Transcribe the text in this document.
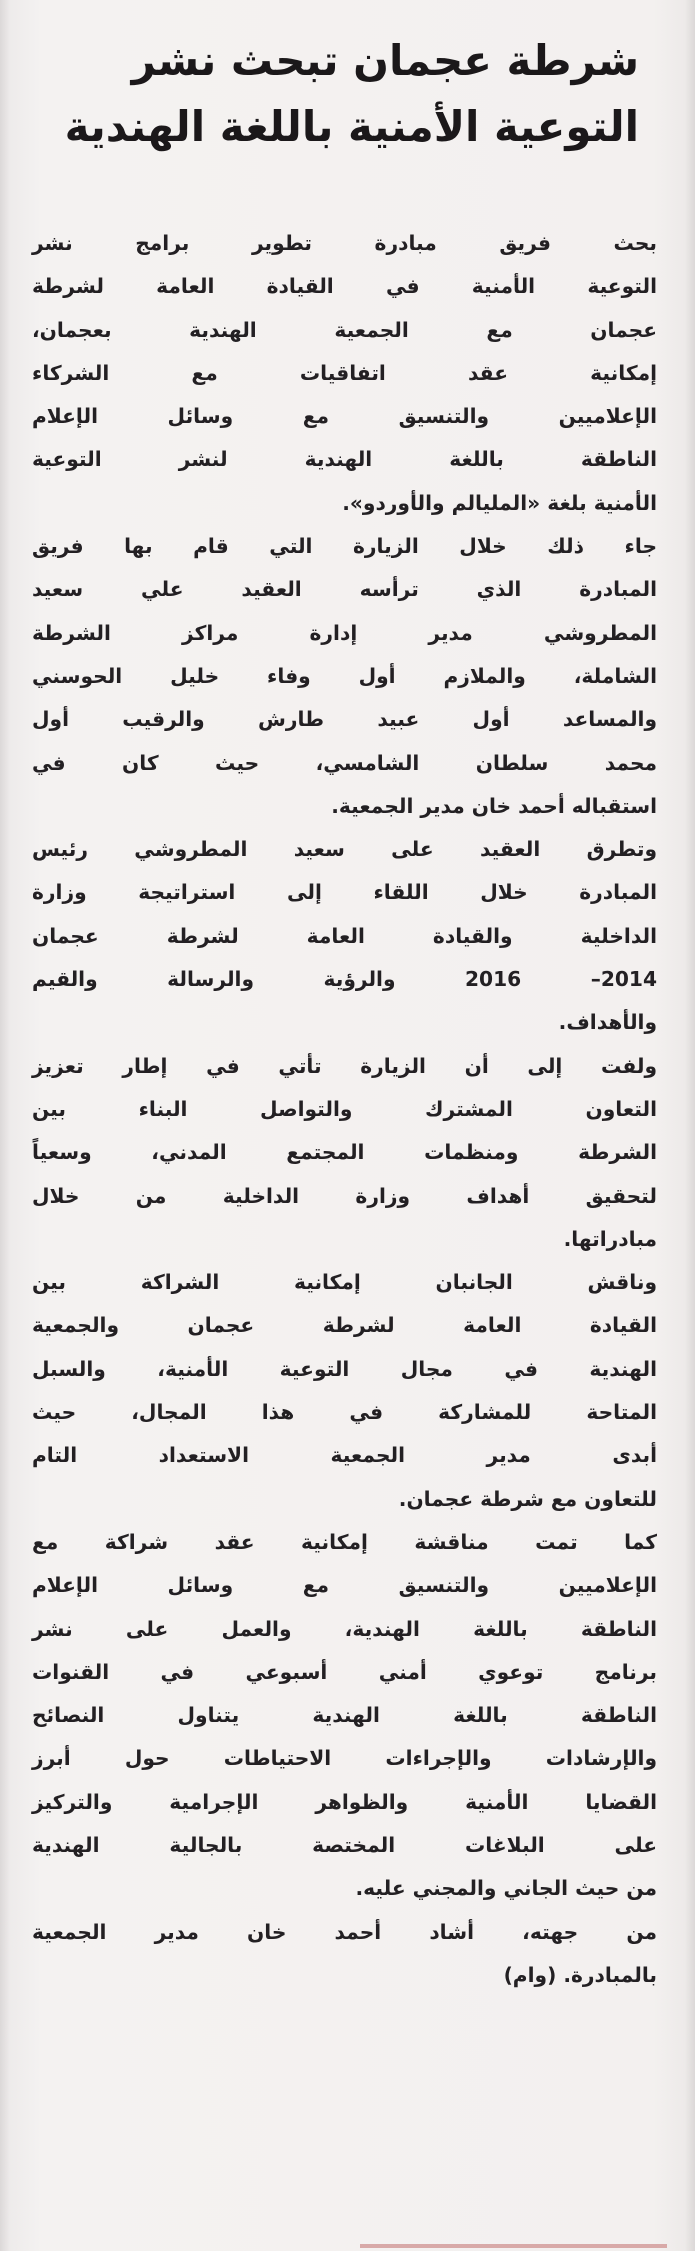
شرطة عجمان تبحث نشر
التوعية الأمنية باللغة الهندية

بحث فريق مبادرة تطوير برامج نشر
التوعية الأمنية في القيادة العامة لشرطة
عجمان مع الجمعية الهندية بعجمان،
إمكانية عقد اتفاقيات مع الشركاء
الإعلاميين والتنسيق مع وسائل الإعلام
الناطقة باللغة الهندية لنشر التوعية
الأمنية بلغة «المليالم والأوردو».

جاء ذلك خلال الزيارة التي قام بها فريق
المبادرة الذي ترأسه العقيد علي سعيد
المطروشي مدير إدارة مراكز الشرطة
الشاملة، والملازم أول وفاء خليل الحوسني
والمساعد أول عبيد طارش والرقيب أول
محمد سلطان الشامسي، حيث كان في
استقباله أحمد خان مدير الجمعية.

وتطرق العقيد على سعيد المطروشي رئيس
المبادرة خلال اللقاء إلى استراتيجة وزارة
الداخلية والقيادة العامة لشرطة عجمان
2014– 2016 والرؤية والرسالة والقيم
والأهداف.

ولفت إلى أن الزيارة تأتي في إطار تعزيز
التعاون المشترك والتواصل البناء بين
الشرطة ومنظمات المجتمع المدني، وسعياً
لتحقيق أهداف وزارة الداخلية من خلال
مبادراتها.

وناقش الجانبان إمكانية الشراكة بين
القيادة العامة لشرطة عجمان والجمعية
الهندية في مجال التوعية الأمنية، والسبل
المتاحة للمشاركة في هذا المجال، حيث
أبدى مدير الجمعية الاستعداد التام
للتعاون مع شرطة عجمان.

كما تمت مناقشة إمكانية عقد شراكة مع
الإعلاميين والتنسيق مع وسائل الإعلام
الناطقة باللغة الهندية، والعمل على نشر
برنامج توعوي أمني أسبوعي في القنوات
الناطقة باللغة الهندية يتناول النصائح
والإرشادات والإجراءات الاحتياطات حول أبرز
القضايا الأمنية والظواهر الإجرامية والتركيز
على البلاغات المختصة بالجالية الهندية
من حيث الجاني والمجني عليه.

من جهته، أشاد أحمد خان مدير الجمعية
بالمبادرة. (وام)
